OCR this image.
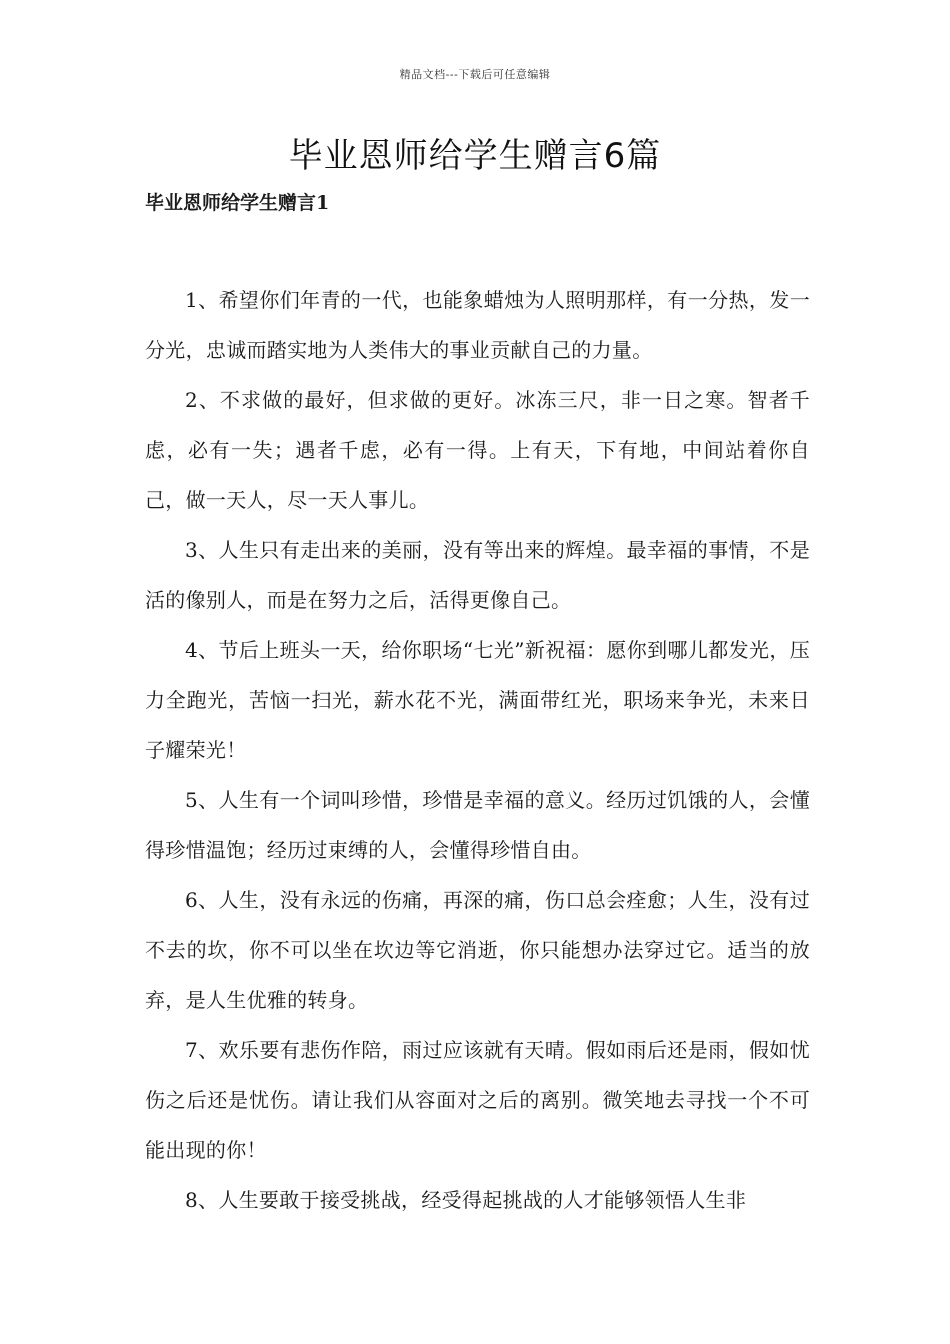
精品文档---下载后可任意编辑
毕业恩师给学生赠言6篇
毕业恩师给学生赠言1

1、希望你们年青的一代，也能象蜡烛为人照明那样，有一分热，发一分光，忠诚而踏实地为人类伟大的事业贡献自己的力量。

2、不求做的最好，但求做的更好。冰冻三尺，非一日之寒。智者千虑，必有一失；遇者千虑，必有一得。上有天，下有地，中间站着你自己，做一天人，尽一天人事儿。

3、人生只有走出来的美丽，没有等出来的辉煌。最幸福的事情，不是活的像别人，而是在努力之后，活得更像自己。

4、节后上班头一天，给你职场“七光”新祝福：愿你到哪儿都发光，压力全跑光，苦恼一扫光，薪水花不光，满面带红光，职场来争光，未来日子耀荣光！

5、人生有一个词叫珍惜，珍惜是幸福的意义。经历过饥饿的人，会懂得珍惜温饱；经历过束缚的人，会懂得珍惜自由。

6、人生，没有永远的伤痛，再深的痛，伤口总会痊愈；人生，没有过不去的坎，你不可以坐在坎边等它消逝，你只能想办法穿过它。适当的放弃，是人生优雅的转身。

7、欢乐要有悲伤作陪，雨过应该就有天晴。假如雨后还是雨，假如忧伤之后还是忧伤。请让我们从容面对之后的离别。微笑地去寻找一个不可能出现的你！

8、人生要敢于接受挑战，经受得起挑战的人才能够领悟人生非
